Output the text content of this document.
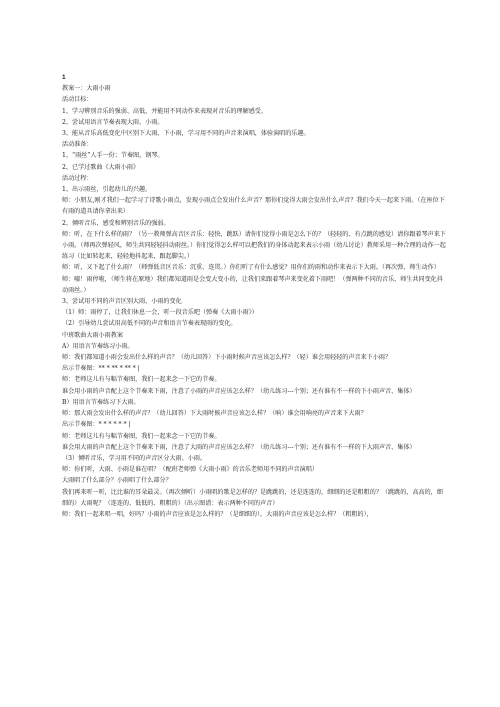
1
教案一：大雨小雨
活动目标：
1、学习辨别音乐的强弱、高低，并能用不同动作来表现对音乐的理解感受。
2、尝试用语言节奏表现大雨、小雨。
3、能从音乐高低变化中区别下大雨、下小雨，学习用不同的声音来演唱，体验演唱的乐趣。
活动准备：
1、“雨丝”人手一份；节奏图，钢琴。
2、已学过歌曲《大雨小雨》
活动过程：
1、出示雨丝，引起幼儿的兴趣。
师：小朋友,刚才我们一起学习了诗歌小雨点，发现小雨点会发出什么声音？那你们觉得大雨会发出什么声音？我们今天一起来下雨。（在座位下有雨的道具请你拿出来）
2、倾听音乐，感受和辨别音乐的强弱。
师：听，在下什么样的雨？（另一教师弹高音区音乐：轻快、跳跃）请你们觉得小雨是怎么下的？（轻轻的、有点跳的感觉）请你跟着琴声来下小雨。（师再次弹轻风，师生共同轻轻抖动雨丝。）你们觉得怎么样可以把我们的身体动起来表示小雨（幼儿讨论）教师采用一种合理的动作一起练习（比如转起来，轻轻地抖起来，跟起脚尖。）
师：听，又下起了什么雨？（师弹低音区音乐：沉重、连贯。）你们听了有什么感觉？用你们的雨和动作来表示下大雨。（再次弹，师生动作）
师：嘘！雨停啦，（师生将在原地）我们都知道雨是会变大变小的，让我们来跟着琴声来变化着下雨吧！（弹两种不同的音乐，师生共同变化抖动雨丝。）
3、尝试用不同的声音区别大雨、小雨的变化
（1）师：雨停了，让我们休息一会，听一段音乐吧（弹奏《大雨小雨》）
（2）引导幼儿尝试用高低不同的声音和语言节奏表现雨的变化。
中班歌曲大雨小雨教案
A）用语言节奏练习小雨。
师：我们都知道小雨会发出什么样的声音？（幼儿回答）下小雨时候声音应该怎么样？（轻）谁会用轻轻的声音来下小雨？
出示节奏图：** * ** * ** * |
师：老师这儿有与幅节奏图，我们一起来念一下它的节奏。
谁会用小雨的声音配上这个节奏来下雨，注意了小雨的声音应该怎么样？（幼儿练习---个别；还有谁有不一样的下小雨声音、集体）
B）用语言节奏练习下大雨。
师：那大雨会发出什么样的声音？（幼儿回答）下大雨时候声音应该怎么样？（响）谁会用响亮的声音来下大雨？
出示节奏图：* * * * * * |
师：老师这儿有与幅节奏图，我们一起来念一下它的节奏。
谁会用大雨的声音配上这个节奏来下雨，注意了大雨的声音应该怎么样？（幼儿练习---个别；还有谁有不一样的下大雨声音、集体）
（3）倾听音乐，学习用不同的声音区分大雨、小雨。
师：你们听，大雨、小雨是谁在唱？（配班老师弹《大雨小雨》的音乐老师用不同的声音演唱）
大雨唱了什么部分？小雨唱了什么部分？
我们再来听一听，比比谁的耳朵最灵。（再次倾听）小雨唱的歌是怎样的？是跳跳的，还是连连的，细细的还是粗粗的？（跳跳的，高高的，细细的）大雨呢？（连连的、低低的、粗粗的）（出示图谱：表示两种不同的声音）
师：我们一起来唱一唱，好吗？小雨的声音应该是怎么样的？（是细细的），大雨的声音应该是怎么样？（粗粗的），
